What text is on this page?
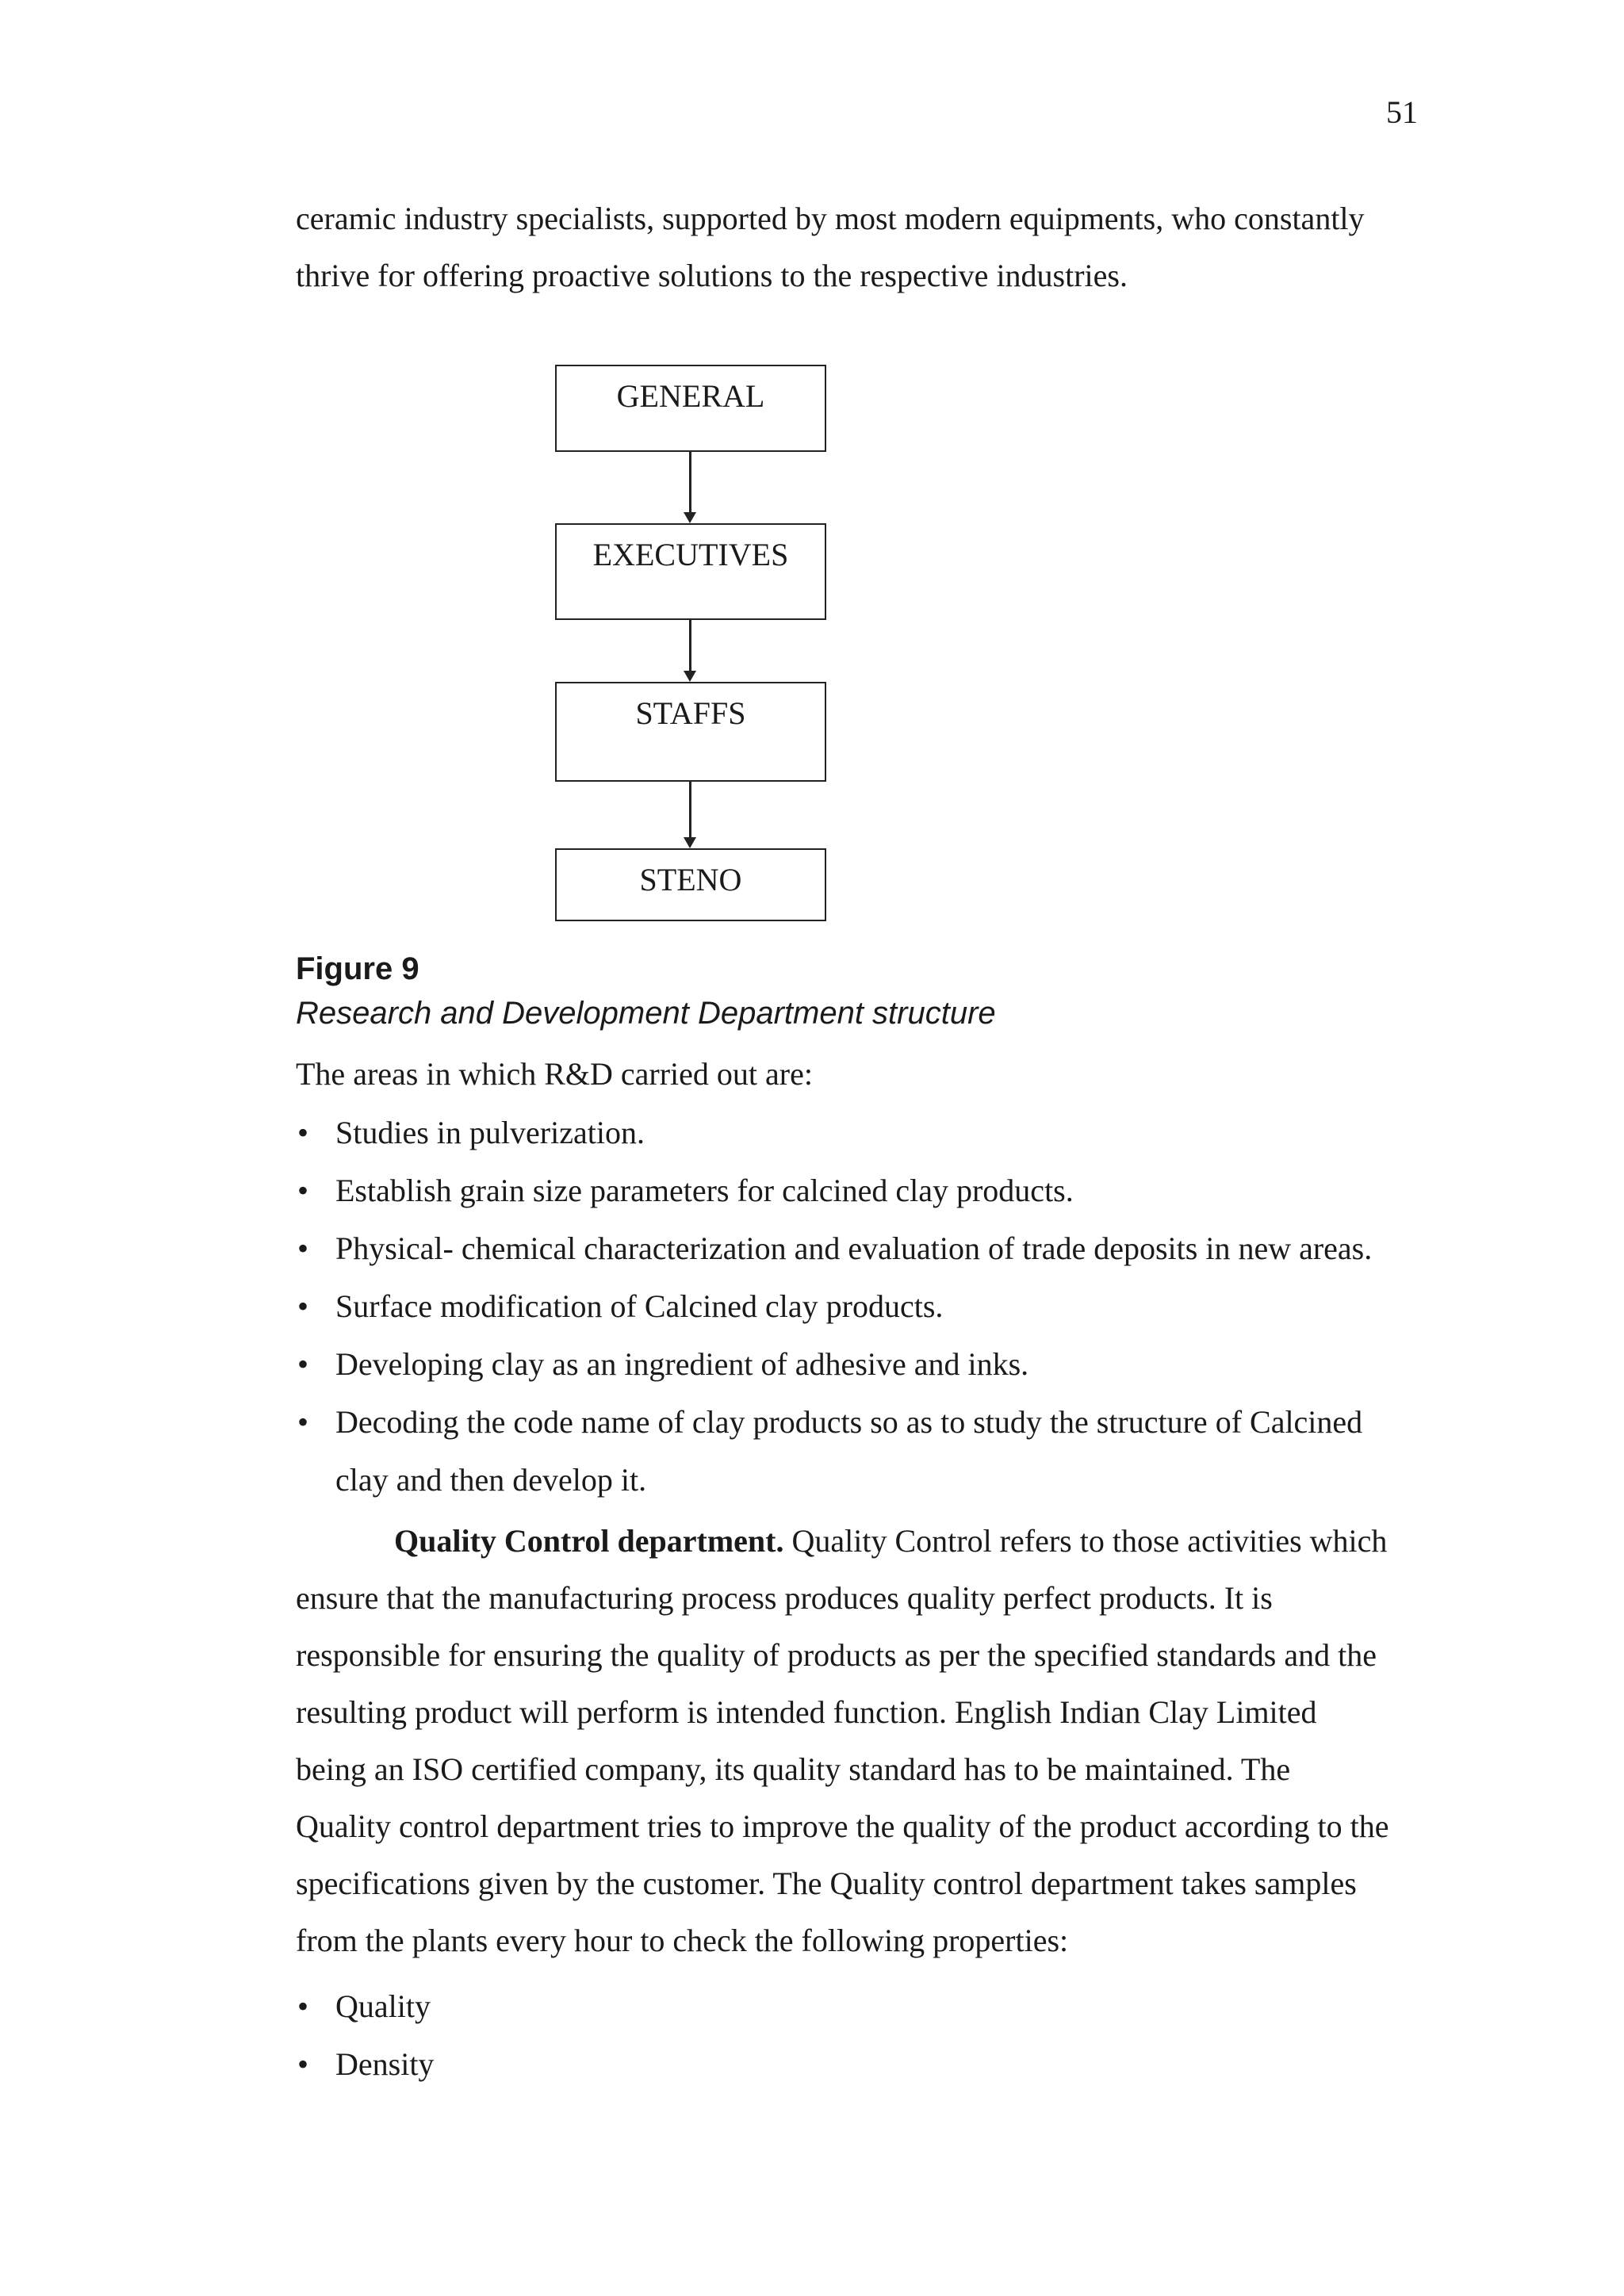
51
ceramic industry specialists, supported by most modern equipments, who constantly
thrive for offering proactive solutions to the respective industries.
GENERAL
EXECUTIVES
STAFFS
STENO
Figure 9
Research and Development Department structure
The areas in which R&D carried out are:
• Studies in pulverization.
• Establish grain size parameters for calcined clay products.
• Physical- chemical characterization and evaluation of trade deposits in new areas.
• Surface modification of Calcined clay products.
• Developing clay as an ingredient of adhesive and inks.
• Decoding the code name of clay products so as to study the structure of Calcined
clay and then develop it.
Quality Control department. Quality Control refers to those activities which
ensure that the manufacturing process produces quality perfect products. It is
responsible for ensuring the quality of products as per the specified standards and the
resulting product will perform is intended function. English Indian Clay Limited
being an ISO certified company, its quality standard has to be maintained. The
Quality control department tries to improve the quality of the product according to the
specifications given by the customer. The Quality control department takes samples
from the plants every hour to check the following properties:
• Quality
• Density
